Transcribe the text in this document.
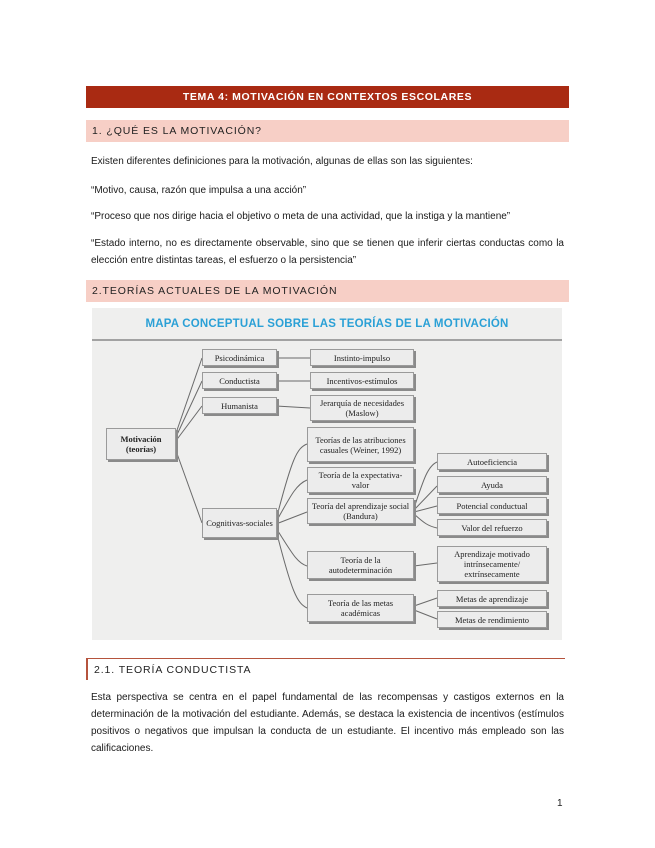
TEMA 4: MOTIVACIÓN EN CONTEXTOS ESCOLARES
1. ¿QUÉ ES LA MOTIVACIÓN?
Existen diferentes definiciones para la motivación, algunas de ellas son las siguientes:
“Motivo, causa, razón que impulsa a una acción”
“Proceso que nos dirige hacia el objetivo o meta de una actividad, que la instiga y la mantiene”
“Estado interno, no es directamente observable, sino que se tienen que inferir ciertas conductas como la elección entre distintas tareas, el esfuerzo o la persistencia”
2.TEORÍAS ACTUALES DE LA MOTIVACIÓN
MAPA CONCEPTUAL SOBRE LAS TEORÍAS DE LA MOTIVACIÓN
Motivación (teorías)
Psicodinámica
Conductista
Humanista
Cognitivas-sociales
Instinto-impulso
Incentivos-estímulos
Jerarquía de necesidades (Maslow)
Teorías de las atribuciones casuales (Weiner, 1992)
Teoría de la expectativa-valor
Teoría del aprendizaje social (Bandura)
Teoría de la autodeterminación
Teoría de las metas académicas
Autoeficiencia
Ayuda
Potencial conductual
Valor del refuerzo
Aprendizaje motivado intrínsecamente/ extrínsecamente
Metas de aprendizaje
Metas de rendimiento
2.1. TEORÍA CONDUCTISTA
Esta perspectiva se centra en el papel fundamental de las recompensas y castigos externos en la determinación de la motivación del estudiante. Además, se destaca la existencia de incentivos (estímulos positivos o negativos que impulsan la conducta de un estudiante. El incentivo más empleado son las calificaciones.
1
